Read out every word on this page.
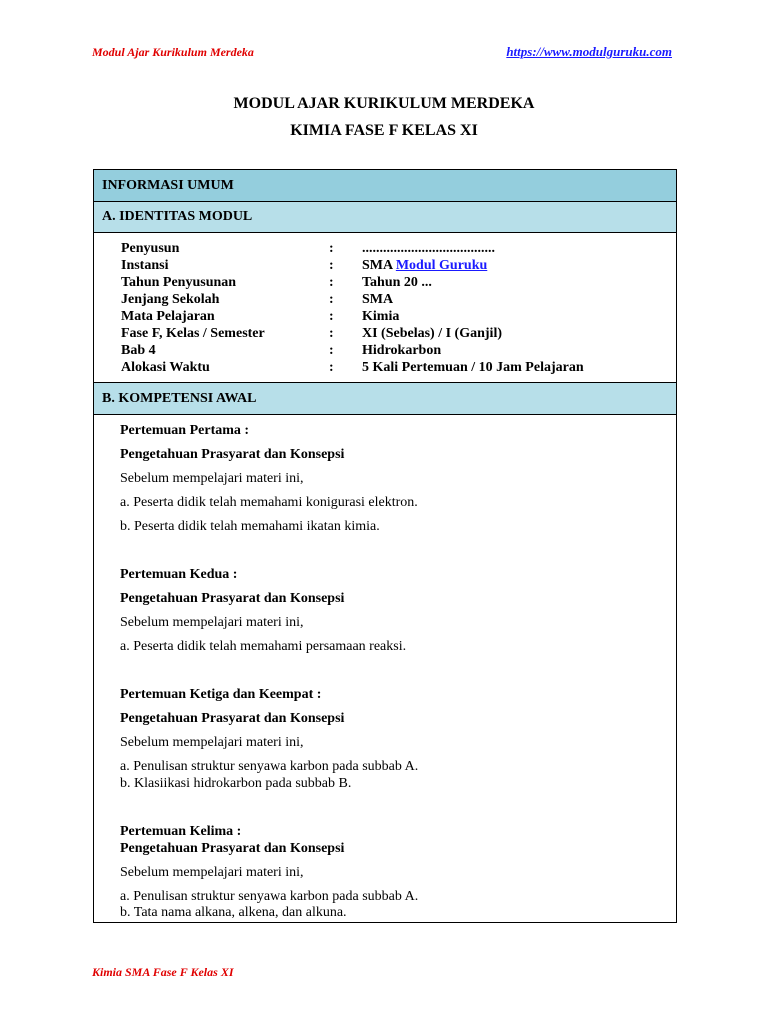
Modul Ajar Kurikulum Merdeka	https://www.modulguruku.com
MODUL AJAR KURIKULUM MERDEKA
KIMIA FASE F KELAS XI
INFORMASI UMUM
A. IDENTITAS MODUL
Penyusun	: ......................................
Instansi	: SMA Modul Guruku
Tahun Penyusunan	: Tahun 20 ...
Jenjang Sekolah	: SMA
Mata Pelajaran	: Kimia
Fase F, Kelas / Semester	: XI (Sebelas) / I (Ganjil)
Bab 4	: Hidrokarbon
Alokasi Waktu	: 5 Kali Pertemuan / 10 Jam Pelajaran
B. KOMPETENSI AWAL
Pertemuan Pertama :
Pengetahuan Prasyarat dan Konsepsi
Sebelum mempelajari materi ini,
a. Peserta didik telah memahami konigurasi elektron.
b. Peserta didik telah memahami ikatan kimia.
Pertemuan Kedua :
Pengetahuan Prasyarat dan Konsepsi
Sebelum mempelajari materi ini,
a. Peserta didik telah memahami persamaan reaksi.
Pertemuan Ketiga dan Keempat :
Pengetahuan Prasyarat dan Konsepsi
Sebelum mempelajari materi ini,
a. Penulisan struktur senyawa karbon pada subbab A.
b. Klasiikasi hidrokarbon pada subbab B.
Pertemuan Kelima :
Pengetahuan Prasyarat dan Konsepsi
Sebelum mempelajari materi ini,
a. Penulisan struktur senyawa karbon pada subbab A.
b. Tata nama alkana, alkena, dan alkuna.
Kimia SMA Fase F Kelas XI
